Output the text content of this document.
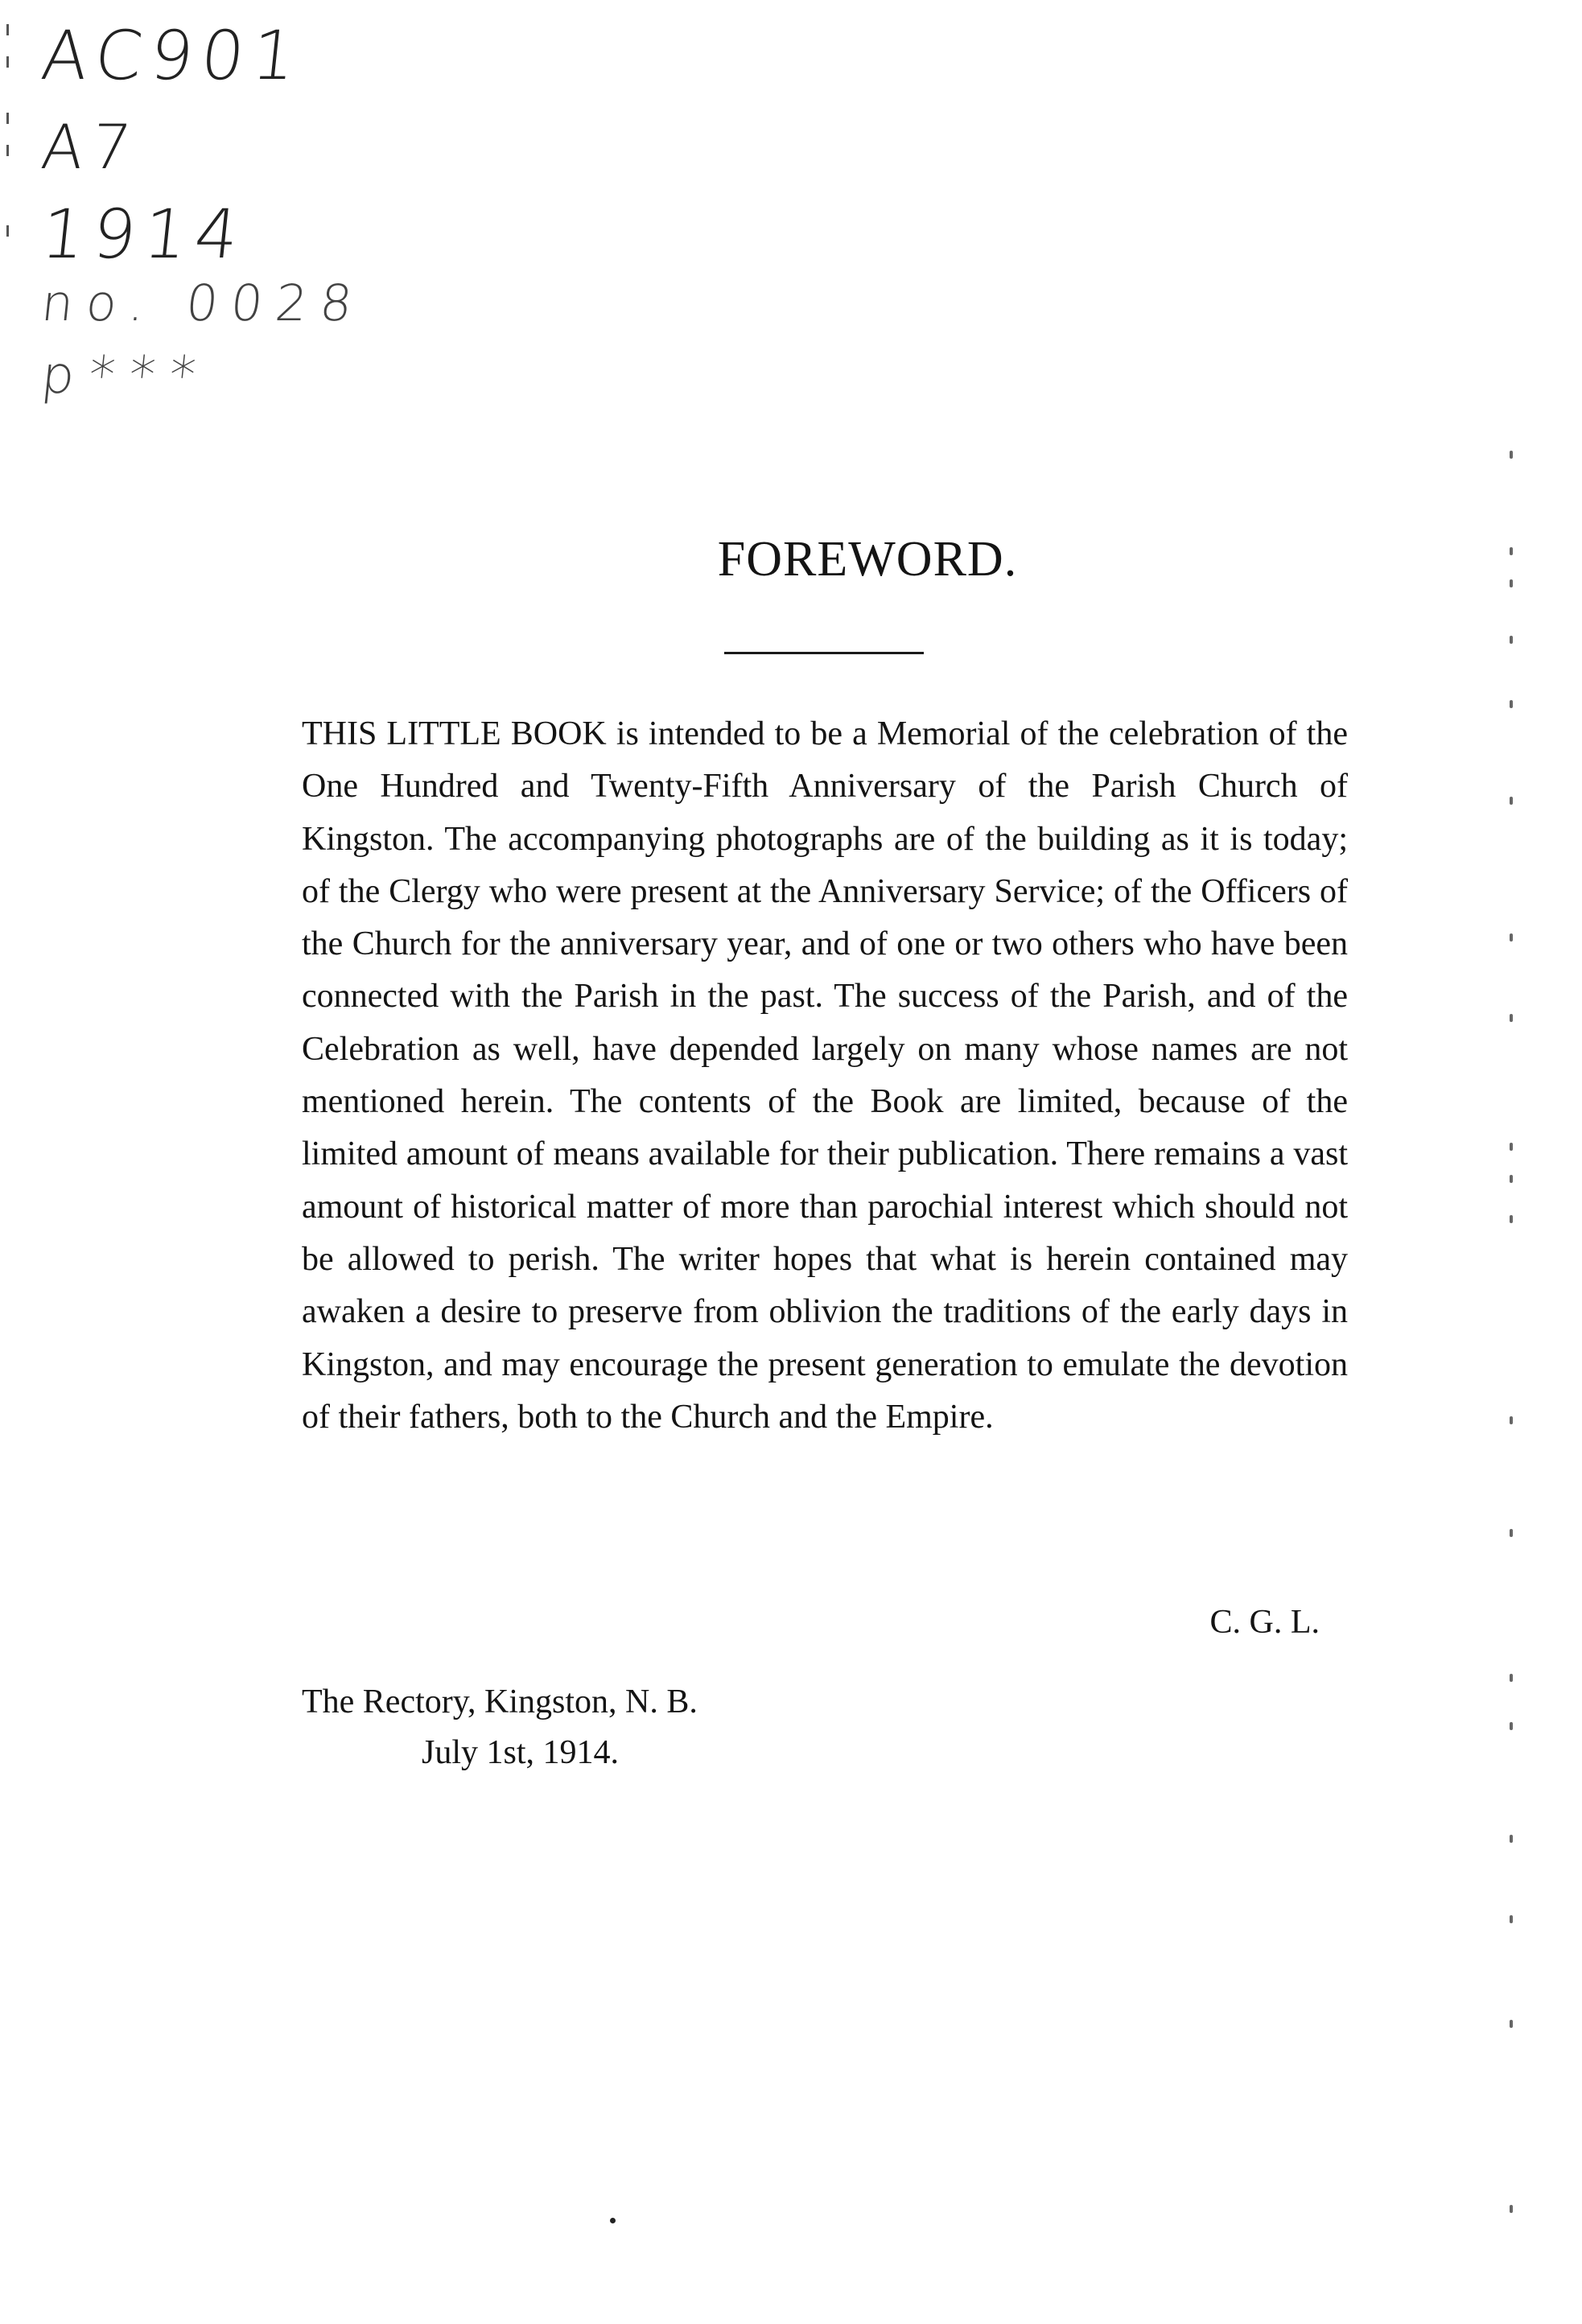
AC901

A7

1914

no. 0028

p***

FOREWORD.

THIS LITTLE BOOK is intended to be a Memorial of the celebration of the One Hundred and Twenty-Fifth Anniversary of the Parish Church of Kingston. The accompanying photographs are of the building as it is today; of the Clergy who were present at the Anniversary Service; of the Officers of the Church for the anniversary year, and of one or two others who have been connected with the Parish in the past. The success of the Parish, and of the Celebration as well, have depended largely on many whose names are not mentioned herein. The contents of the Book are limited, because of the limited amount of means available for their publication. There remains a vast amount of historical matter of more than parochial interest which should not be allowed to perish. The writer hopes that what is herein contained may awaken a desire to preserve from oblivion the traditions of the early days in Kingston, and may encourage the present generation to emulate the devotion of their fathers, both to the Church and the Empire.

C. G. L.

The Rectory, Kingston, N. B.

July 1st, 1914.
